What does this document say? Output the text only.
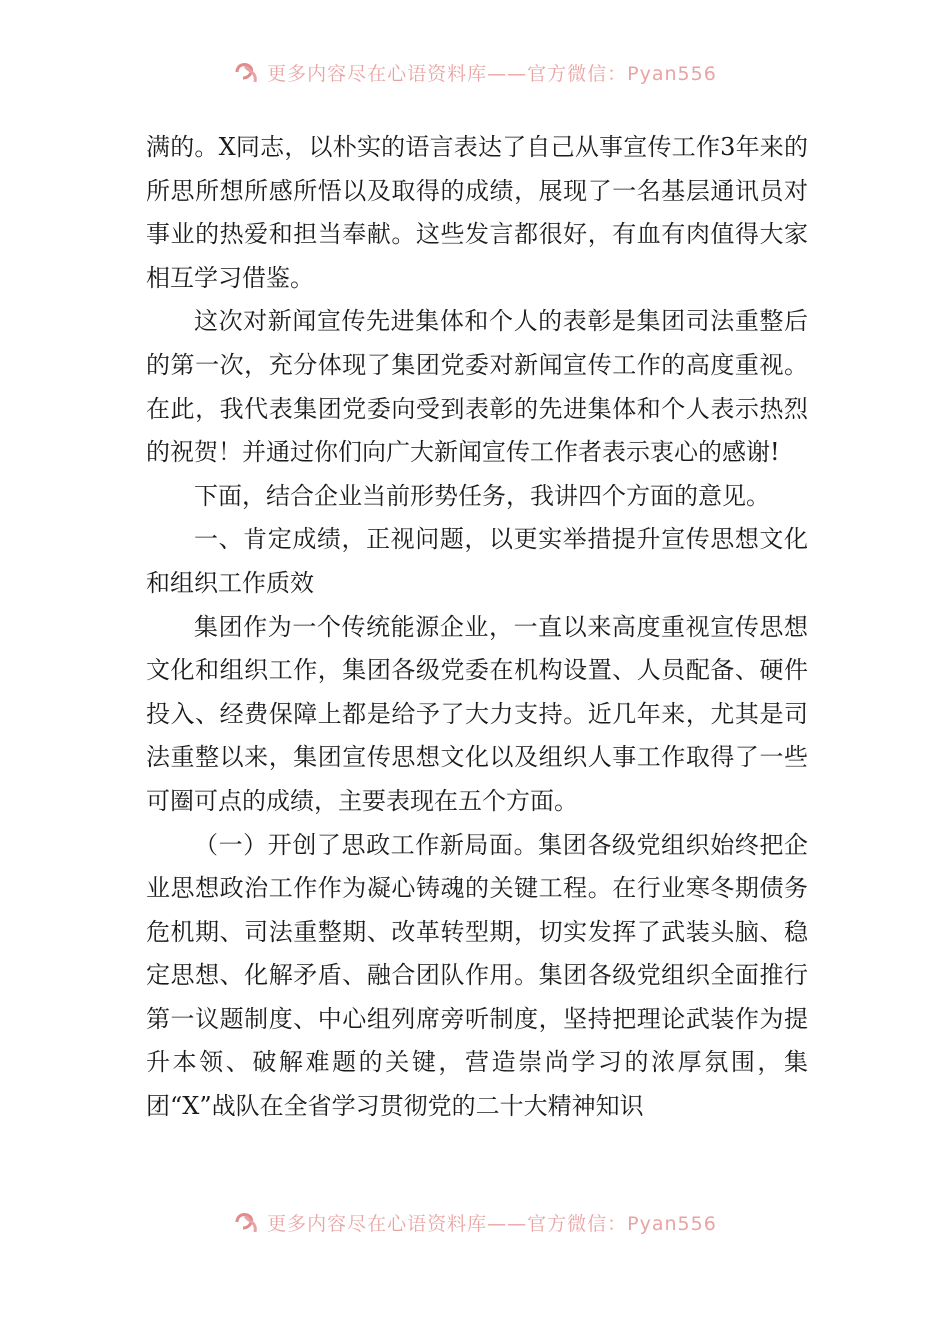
更多内容尽在心语资料库——官方微信：Pyan556

满的。X同志，以朴实的语言表达了自己从事宣传工作3年来的所思所想所感所悟以及取得的成绩，展现了一名基层通讯员对事业的热爱和担当奉献。这些发言都很好，有血有肉值得大家相互学习借鉴。

这次对新闻宣传先进集体和个人的表彰是集团司法重整后的第一次，充分体现了集团党委对新闻宣传工作的高度重视。在此，我代表集团党委向受到表彰的先进集体和个人表示热烈的祝贺！并通过你们向广大新闻宣传工作者表示衷心的感谢!

下面，结合企业当前形势任务，我讲四个方面的意见。

一、肯定成绩，正视问题，以更实举措提升宣传思想文化和组织工作质效

集团作为一个传统能源企业，一直以来高度重视宣传思想文化和组织工作，集团各级党委在机构设置、人员配备、硬件投入、经费保障上都是给予了大力支持。近几年来，尤其是司法重整以来，集团宣传思想文化以及组织人事工作取得了一些可圈可点的成绩，主要表现在五个方面。

（一）开创了思政工作新局面。集团各级党组织始终把企业思想政治工作作为凝心铸魂的关键工程。在行业寒冬期债务危机期、司法重整期、改革转型期，切实发挥了武装头脑、稳定思想、化解矛盾、融合团队作用。集团各级党组织全面推行第一议题制度、中心组列席旁听制度，坚持把理论武装作为提升本领、破解难题的关键，营造崇尚学习的浓厚氛围，集团“X”战队在全省学习贯彻党的二十大精神知识

更多内容尽在心语资料库——官方微信：Pyan556
